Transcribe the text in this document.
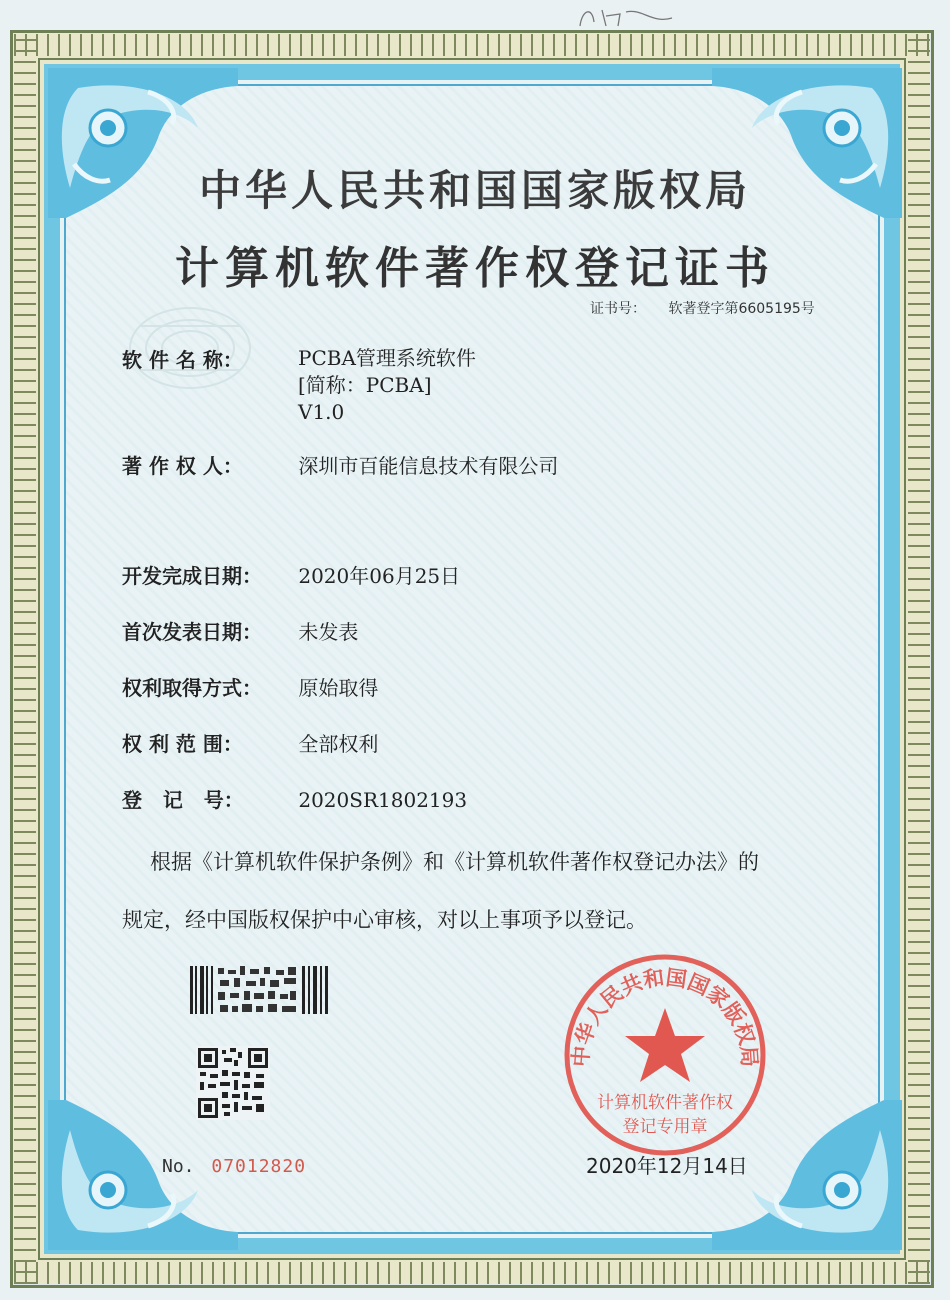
中华人民共和国国家版权局
计算机软件著作权登记证书
证书号： 软著登字第6605195号
软 件 名 称：	PCBA管理系统软件
[简称：PCBA]
V1.0
著 作 权 人：	深圳市百能信息技术有限公司
开发完成日期： 2020年06月25日
首次发表日期： 未发表
权利取得方式： 原始取得
权 利 范 围：	全部权利
登   记   号：	2020SR1802193
根据《计算机软件保护条例》和《计算机软件著作权登记办法》的
规定，经中国版权保护中心审核，对以上事项予以登记。
No. 07012820
中华人民共和国国家版权局
计算机软件著作权
登记专用章
2020年12月14日
